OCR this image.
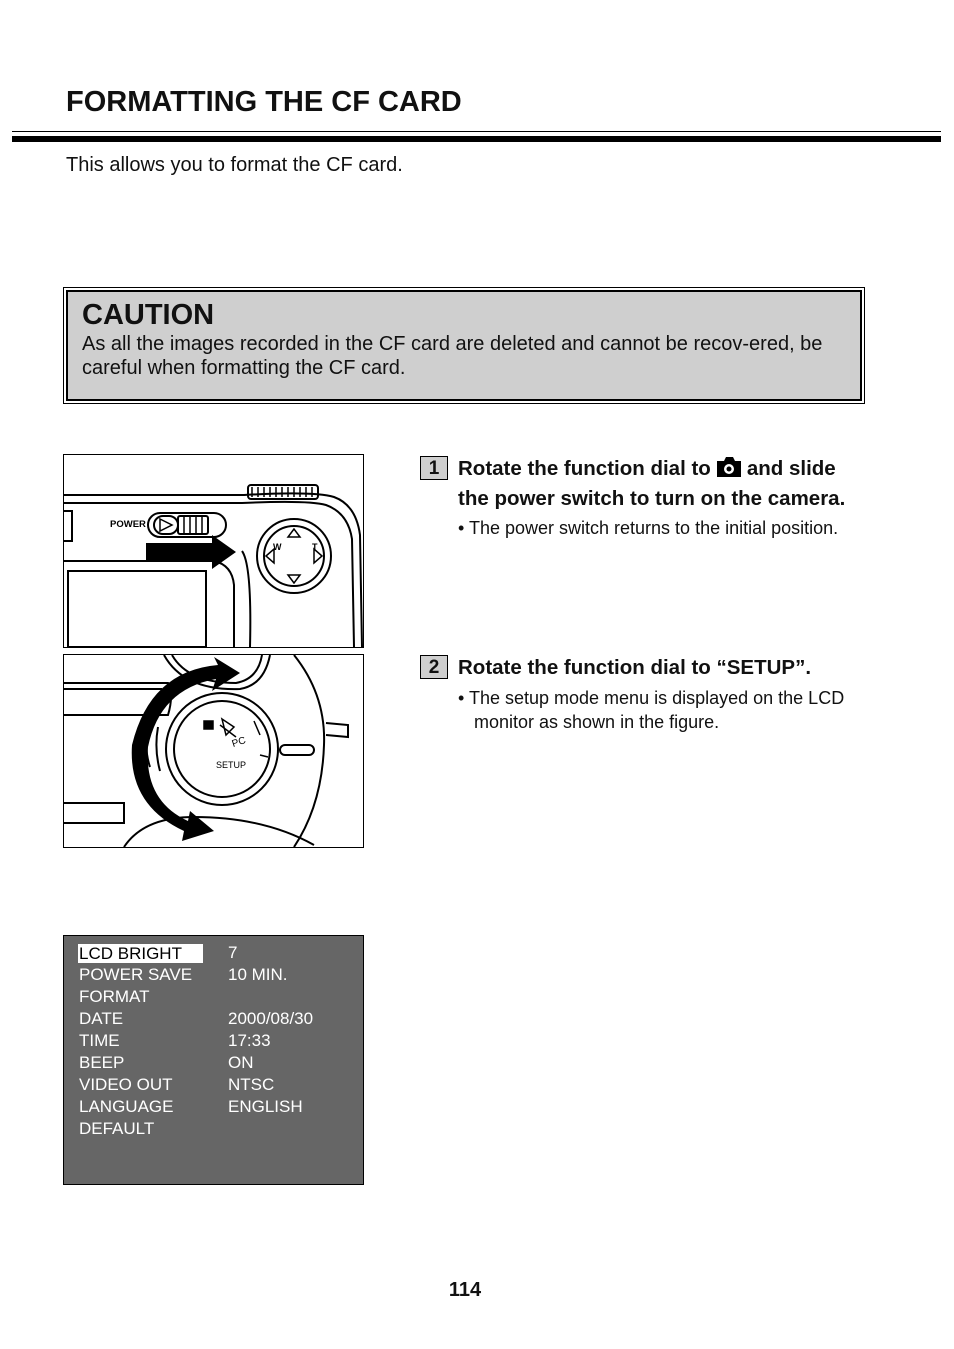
FORMATTING THE CF CARD

This allows you to format the CF card.

CAUTION

As all the images recorded in the CF card are deleted and cannot be recov-ered, be careful when formatting the CF card.

POWER
W	T
PC
SETUP
1 Rotate the function dial to and slide the power switch to turn on the camera.

• The power switch returns to the initial position.

2 Rotate the function dial to “SETUP”.

• The setup mode menu is displayed on the LCD monitor as shown in the figure.

LCD BRIGHT	7
POWER SAVE	10 MIN.
FORMAT
DATE	2000/08/30
TIME	17:33
BEEP	ON
VIDEO OUT	NTSC
LANGUAGE	ENGLISH
DEFAULT
114
